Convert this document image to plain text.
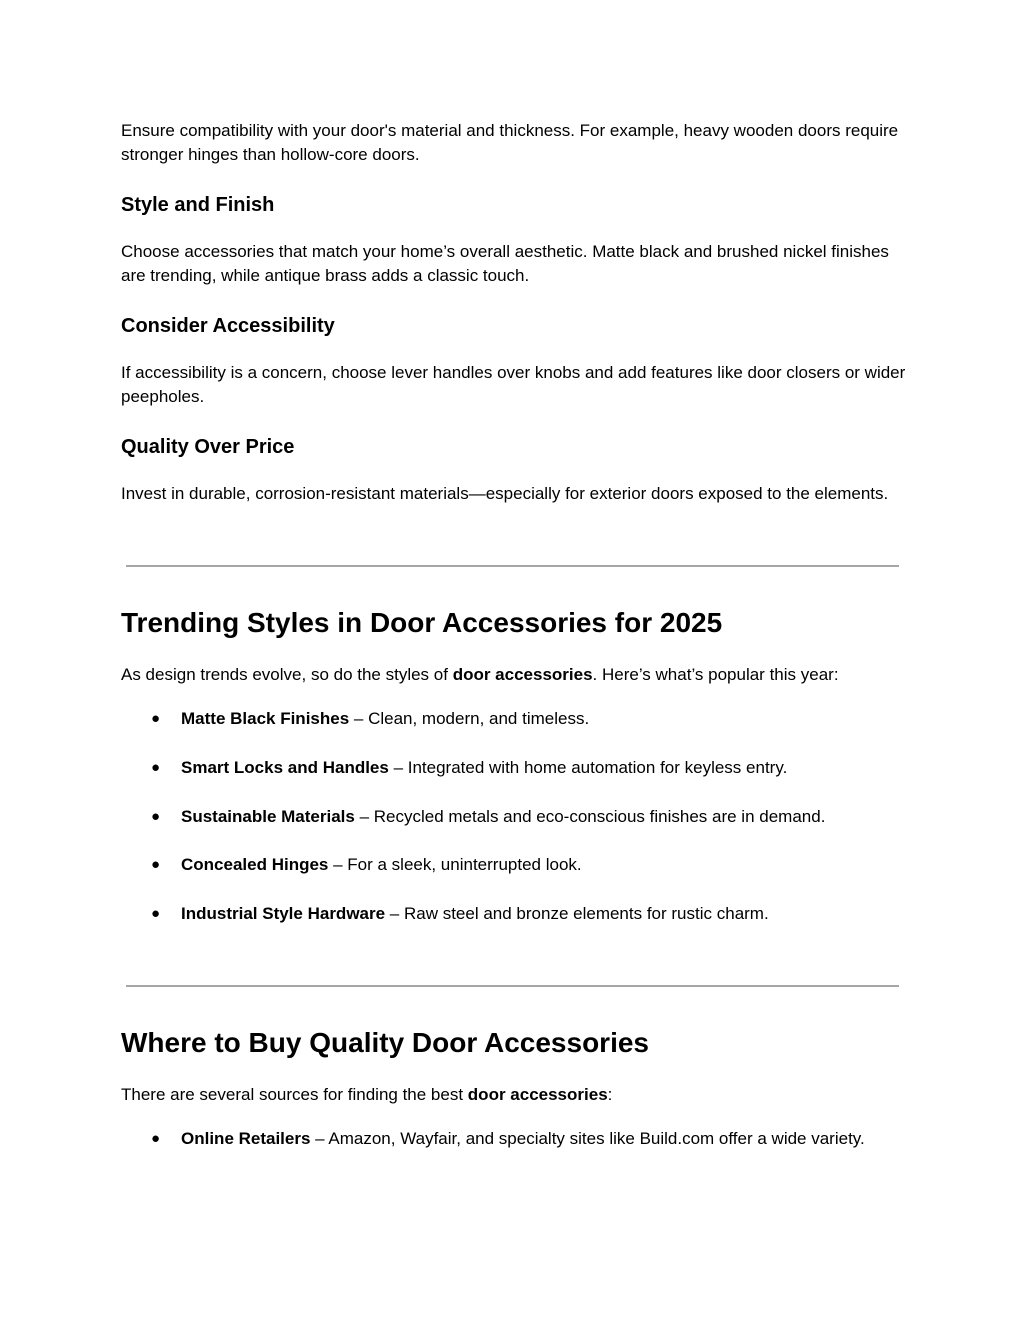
Ensure compatibility with your door's material and thickness. For example, heavy wooden doors require stronger hinges than hollow-core doors.

Style and Finish

Choose accessories that match your home’s overall aesthetic. Matte black and brushed nickel finishes are trending, while antique brass adds a classic touch.

Consider Accessibility

If accessibility is a concern, choose lever handles over knobs and add features like door closers or wider peepholes.

Quality Over Price

Invest in durable, corrosion-resistant materials—especially for exterior doors exposed to the elements.

Trending Styles in Door Accessories for 2025

As design trends evolve, so do the styles of door accessories. Here’s what’s popular this year:

● Matte Black Finishes – Clean, modern, and timeless.
● Smart Locks and Handles – Integrated with home automation for keyless entry.
● Sustainable Materials – Recycled metals and eco-conscious finishes are in demand.
● Concealed Hinges – For a sleek, uninterrupted look.
● Industrial Style Hardware – Raw steel and bronze elements for rustic charm.
Where to Buy Quality Door Accessories

There are several sources for finding the best door accessories:

● Online Retailers – Amazon, Wayfair, and specialty sites like Build.com offer a wide variety.
